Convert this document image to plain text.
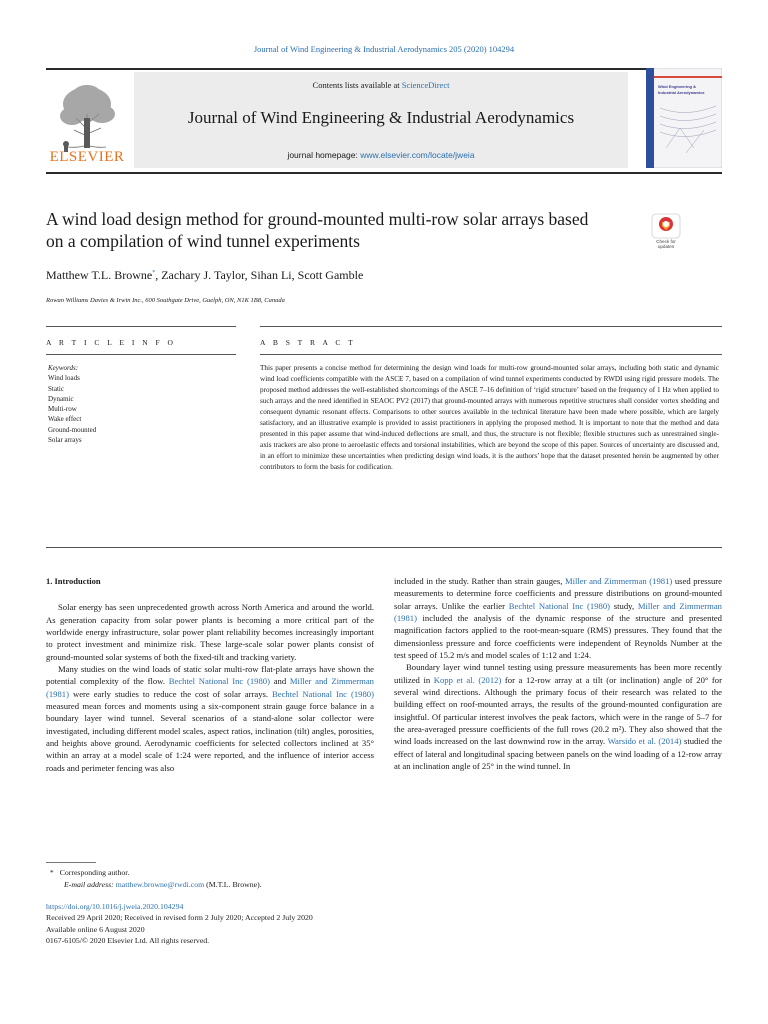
Journal of Wind Engineering & Industrial Aerodynamics 205 (2020) 104294
ELSEVIER
Contents lists available at ScienceDirect
Journal of Wind Engineering & Industrial Aerodynamics
journal homepage: www.elsevier.com/locate/jweia
Wind Engineering &
Industrial Aerodynamics
A wind load design method for ground-mounted multi-row solar arrays based on a compilation of wind tunnel experiments	Check for
updates
Matthew T.L. Browne*, Zachary J. Taylor, Sihan Li, Scott Gamble
Rowan Williams Davies & Irwin Inc., 600 Southgate Drive, Guelph, ON, N1K 1B8, Canada
A R T I C L E I N F O	A B S T R A C T
Keywords:
Wind loads
Static
Dynamic
Multi-row
Wake effect
Ground-mounted
Solar arrays
This paper presents a concise method for determining the design wind loads for multi-row ground-mounted solar arrays, including both static and dynamic wind load coefficients compatible with the ASCE 7, based on a compilation of wind tunnel experiments conducted by RWDI using rigid pressure models. The proposed method addresses the well-established shortcomings of the ASCE 7–16 definition of ‘rigid structure’ based on the frequency of 1 Hz when applied to such arrays and the need identified in SEAOC PV2 (2017) that ground-mounted arrays with numerous repetitive structures shall consider vortex shedding and consequent dynamic resonant effects. Comparisons to other sources available in the technical literature have been made where possible, which are largely satisfactory, and an illustrative example is provided to assist practitioners in applying the proposed method. It is important to note that the method and data presented in this paper assume that wind-induced deflections are small, and thus, the structure is not flexible; flexible structures such as unrestrained single-axis trackers are also prone to aeroelastic effects and torsional instabilities, which are beyond the scope of this paper. Sources of uncertainty are discussed and, in an effort to minimize these uncertainties when predicting design wind loads, it is the authors’ hope that the dataset presented herein be augmented by other contributors to form the basis for codification.
1. Introduction

Solar energy has seen unprecedented growth across North America and around the world. As generation capacity from solar power plants is becoming a more critical part of the worldwide energy infrastructure, solar power plant reliability becomes increasingly important to protect investment and minimize risk. These large-scale solar power plants consist of ground-mounted solar systems of both the fixed-tilt and tracking variety.

Many studies on the wind loads of static solar multi-row flat-plate arrays have shown the potential complexity of the flow. Bechtel National Inc (1980) and Miller and Zimmerman (1981) were early studies to reduce the cost of solar arrays. Bechtel National Inc (1980) measured mean forces and moments using a six-component strain gauge force balance in a boundary layer wind tunnel. Several scenarios of a stand-alone solar collector were investigated, including different model scales, aspect ratios, inclination (tilt) angles, porosities, and heights above ground. Aerodynamic coefficients for selected collectors inclined at 35° within an array at a model scale of 1:24 were reported, and the influence of interior access roads and perimeter fencing was also

included in the study. Rather than strain gauges, Miller and Zimmerman (1981) used pressure measurements to determine force coefficients and pressure distributions on ground-mounted solar arrays. Unlike the earlier Bechtel National Inc (1980) study, Miller and Zimmerman (1981) included the analysis of the dynamic response of the structure and presented magnification factors applied to the root-mean-square (RMS) pressures. They found that the dimensionless pressure and force coefficients were independent of Reynolds Number at the test speed of 15.2 m/s and model scales of 1:12 and 1:24.

Boundary layer wind tunnel testing using pressure measurements has been more recently utilized in Kopp et al. (2012) for a 12-row array at a tilt (or inclination) angle of 20° for several wind directions. Although the primary focus of their research was related to the building effect on roof-mounted arrays, the results of the ground-mounted configuration are insightful. Of particular interest involves the peak factors, which were in the range of 5–7 for the area-averaged pressure coefficients of the full rows (20.2 m²). They also showed that the wind loads increased on the last downwind row in the array. Warsido et al. (2014) studied the effect of lateral and longitudinal spacing between panels on the wind loading of a 12-row array at an inclination angle of 25° in the wind tunnel. In

*   Corresponding author.
E-mail address: matthew.browne@rwdi.com (M.T.L. Browne).
https://doi.org/10.1016/j.jweia.2020.104294
Received 29 April 2020; Received in revised form 2 July 2020; Accepted 2 July 2020
Available online 6 August 2020
0167-6105/© 2020 Elsevier Ltd. All rights reserved.
